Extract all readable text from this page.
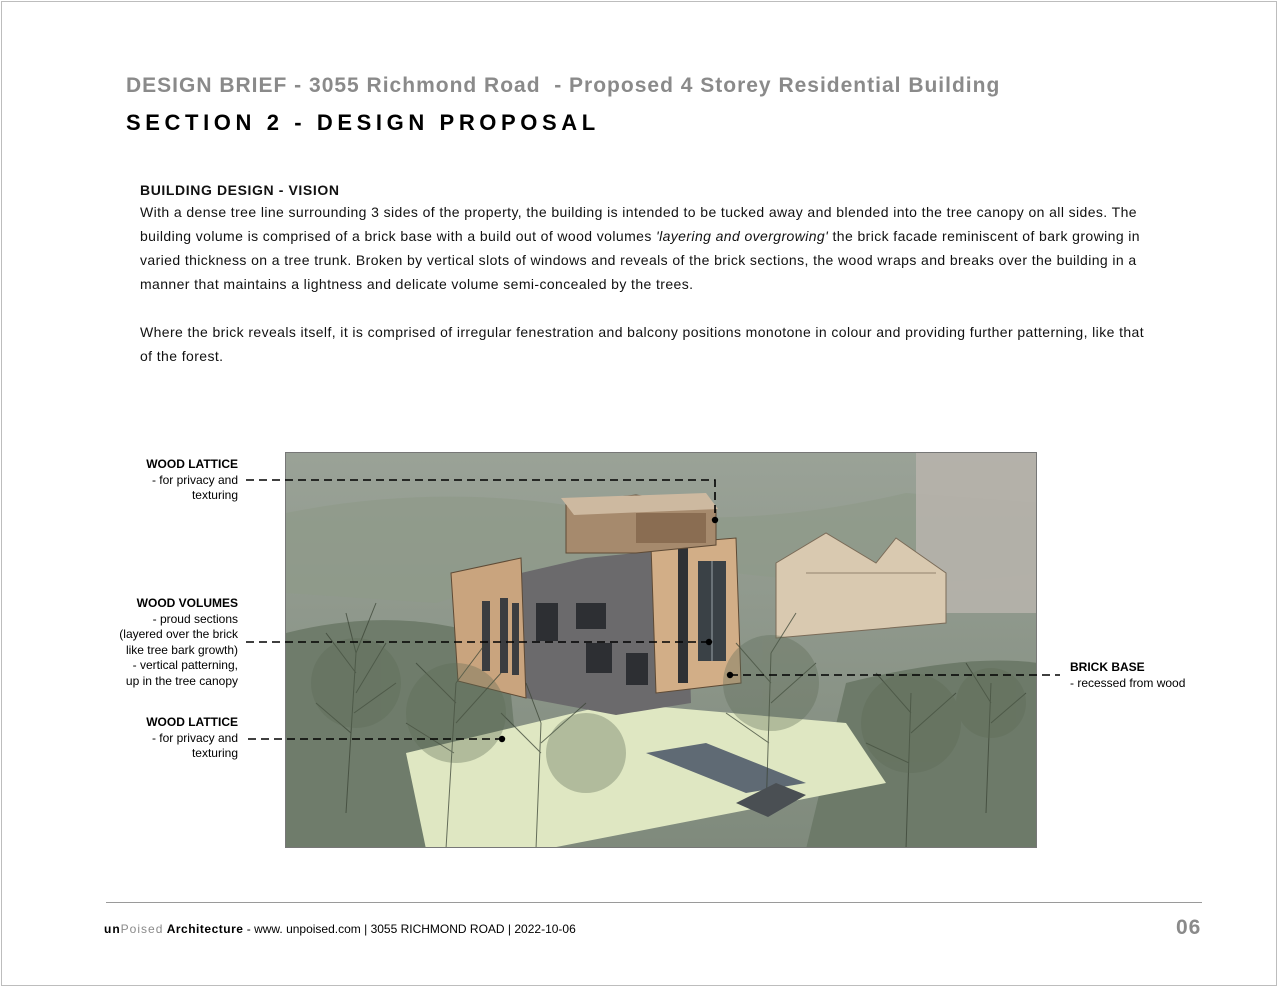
DESIGN BRIEF - 3055 Richmond Road  - Proposed 4 Storey Residential Building
SECTION 2 - DESIGN PROPOSAL

BUILDING DESIGN - VISION

With a dense tree line surrounding 3 sides of the property, the building is intended to be tucked away and blended into the tree canopy on all sides. The building volume is comprised of a brick base with a build out of wood volumes 'layering and overgrowing' the brick facade reminiscent of bark growing in varied thickness on a tree trunk. Broken by vertical slots of windows and reveals of the brick sections, the wood wraps and breaks over the building in a manner that maintains a lightness and delicate volume semi-concealed by the trees.

Where the brick reveals itself, it is comprised of irregular fenestration and balcony positions monotone in colour and providing further patterning, like that of the forest.

WOOD LATTICE
- for privacy and
texturing
WOOD VOLUMES
- proud sections
(layered over the brick
like tree bark growth)
- vertical patterning,
up in the tree canopy
WOOD LATTICE
- for privacy and
texturing
BRICK BASE
- recessed from wood
unPoised Architecture - www. unpoised.com | 3055 RICHMOND ROAD | 2022-10-06	06
